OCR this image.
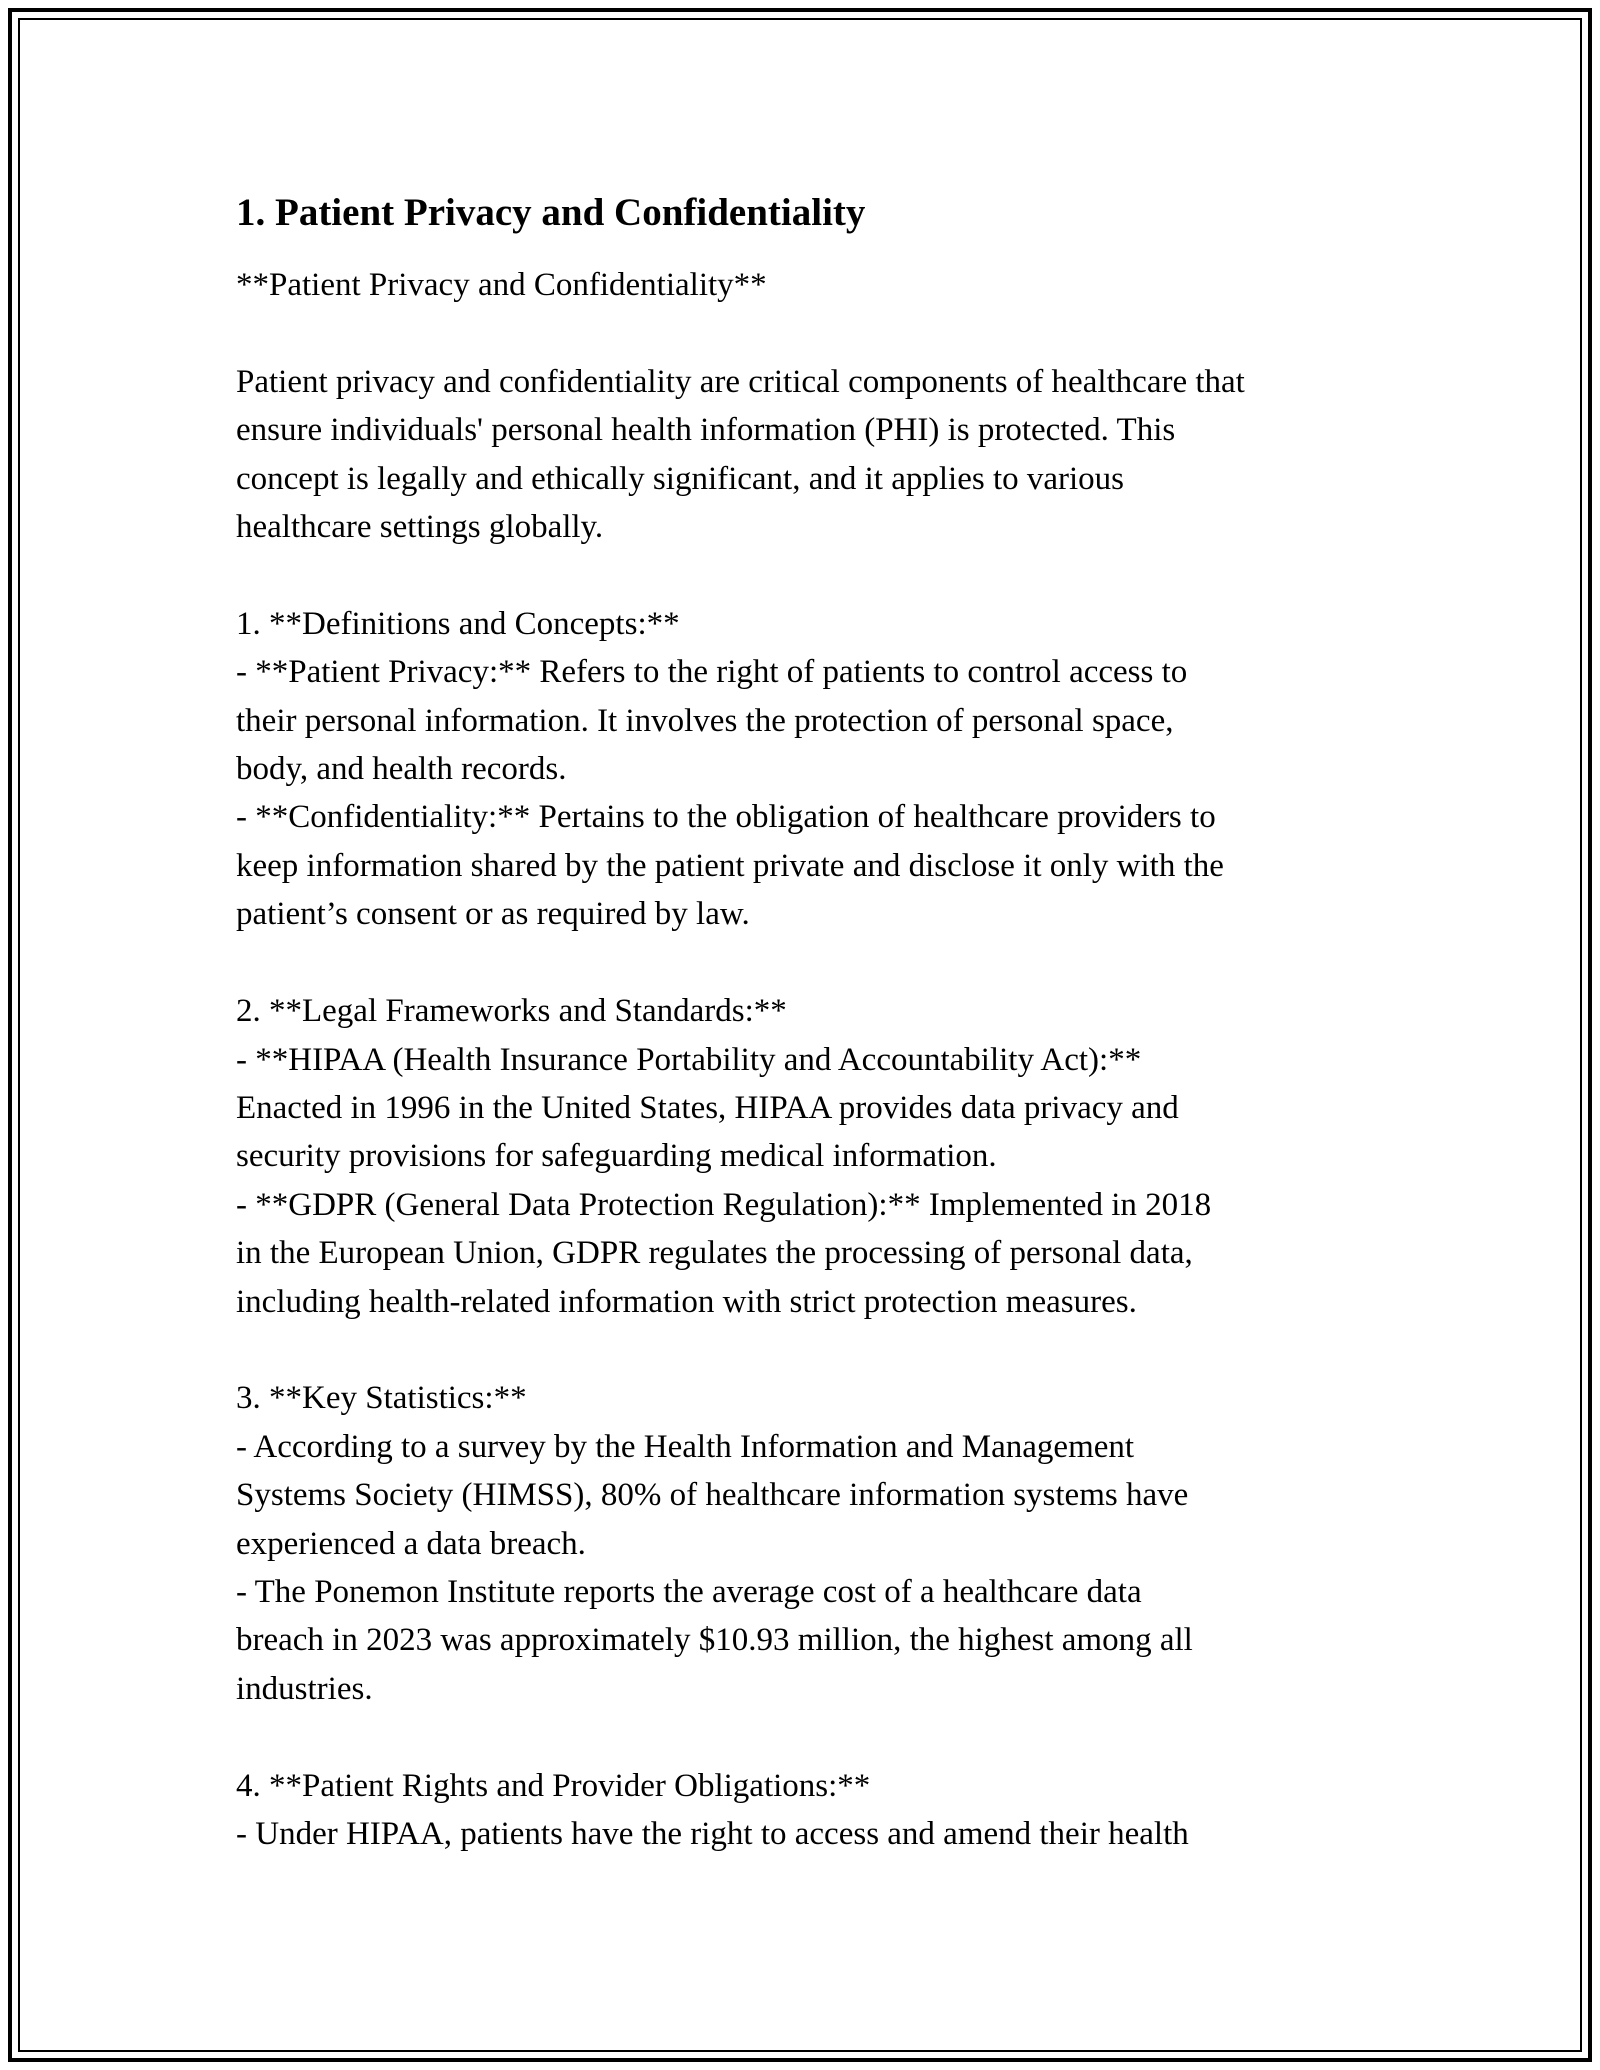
1. Patient Privacy and Confidentiality

**Patient Privacy and Confidentiality**

Patient privacy and confidentiality are critical components of healthcare that
ensure individuals' personal health information (PHI) is protected. This
concept is legally and ethically significant, and it applies to various
healthcare settings globally.

1. **Definitions and Concepts:**
- **Patient Privacy:** Refers to the right of patients to control access to
their personal information. It involves the protection of personal space,
body, and health records.
- **Confidentiality:** Pertains to the obligation of healthcare providers to
keep information shared by the patient private and disclose it only with the
patient’s consent or as required by law.

2. **Legal Frameworks and Standards:**
- **HIPAA (Health Insurance Portability and Accountability Act):**
Enacted in 1996 in the United States, HIPAA provides data privacy and
security provisions for safeguarding medical information.
- **GDPR (General Data Protection Regulation):** Implemented in 2018
in the European Union, GDPR regulates the processing of personal data,
including health-related information with strict protection measures.

3. **Key Statistics:**
- According to a survey by the Health Information and Management
Systems Society (HIMSS), 80% of healthcare information systems have
experienced a data breach.
- The Ponemon Institute reports the average cost of a healthcare data
breach in 2023 was approximately $10.93 million, the highest among all
industries.

4. **Patient Rights and Provider Obligations:**
- Under HIPAA, patients have the right to access and amend their health
